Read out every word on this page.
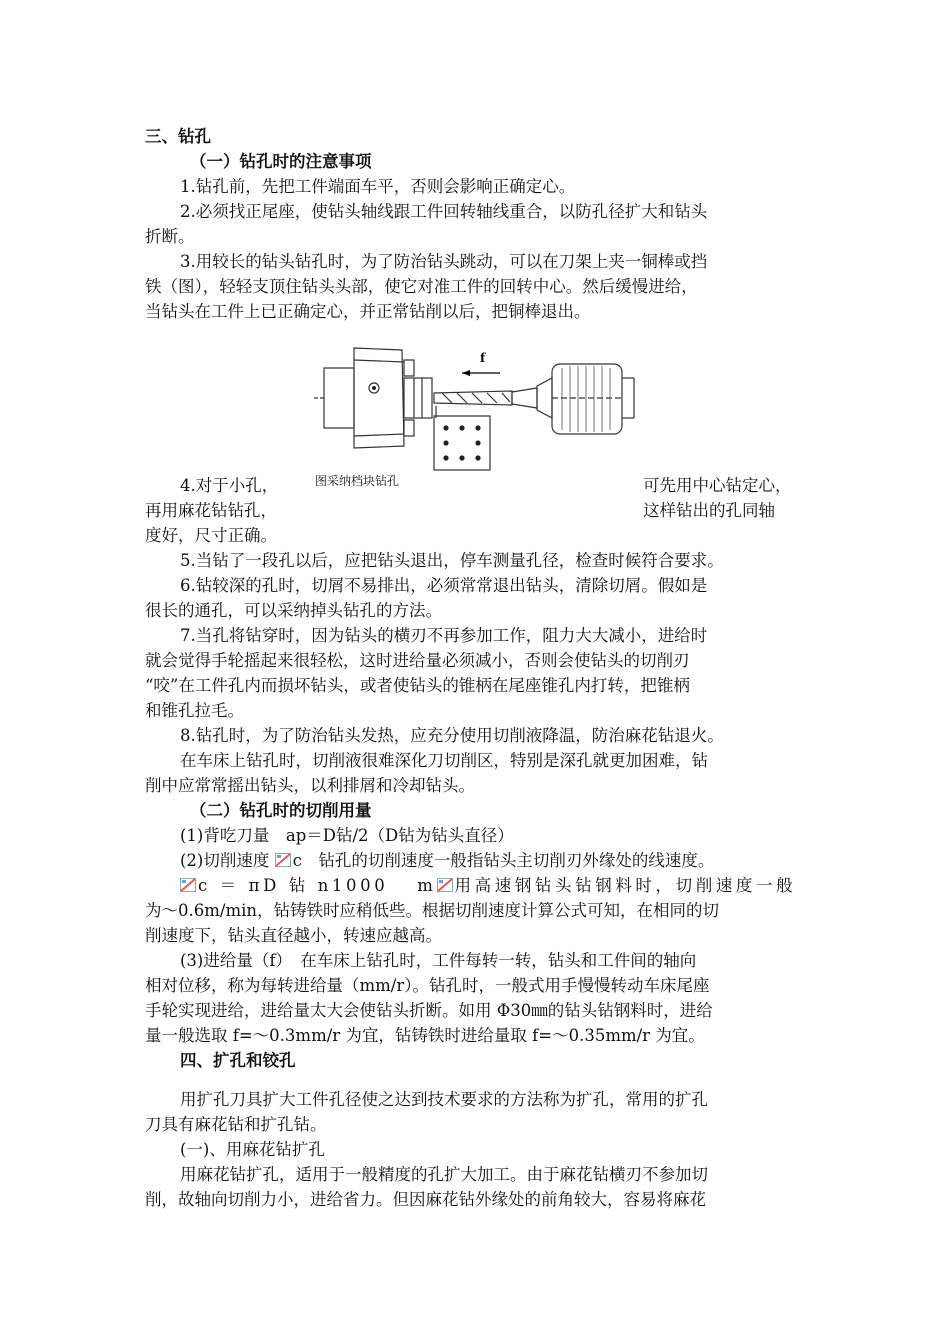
三、钻孔
（一）钻孔时的注意事项
1.钻孔前，先把工件端面车平，否则会影响正确定心。
2.必须找正尾座，使钻头轴线跟工件回转轴线重合，以防孔径扩大和钻头
折断。
3.用较长的钻头钻孔时，为了防治钻头跳动，可以在刀架上夹一铜棒或挡
铁（图），轻轻支顶住钻头头部，使它对准工件的回转中心。然后缓慢进给，
当钻头在工件上已正确定心，并正常钻削以后，把铜棒退出。
f
图采纳档块钻孔
4.对于小孔，	可先用中心钻定心，
再用麻花钻钻孔，	这样钻出的孔同轴
度好，尺寸正确。
5.当钻了一段孔以后，应把钻头退出，停车测量孔径，检查时候符合要求。
6.钻较深的孔时，切屑不易排出，必须常常退出钻头，清除切屑。假如是
很长的通孔，可以采纳掉头钻孔的方法。
7.当孔将钻穿时，因为钻头的横刃不再参加工作，阻力大大减小，进给时
就会觉得手轮摇起来很轻松，这时进给量必须减小，否则会使钻头的切削刃
“咬”在工件孔内而损坏钻头，或者使钻头的锥柄在尾座锥孔内打转，把锥柄
和锥孔拉毛。
8.钻孔时，为了防治钻头发热，应充分使用切削液降温，防治麻花钻退火。
在车床上钻孔时，切削液很难深化刀切削区，特别是深孔就更加困难，钻
削中应常常摇出钻头，以利排屑和冷却钻头。
（二）钻孔时的切削用量
(1)背吃刀量　ap＝D钻/2（D钻为钻头直径）
(2)切削速度 c　钻孔的切削速度一般指钻头主切削刃外缘处的线速度。
c ＝ πD 钻 n1000　 m 用高速钢钻头钻钢料时，切削速度一般
为～0.6m/min，钻铸铁时应稍低些。根据切削速度计算公式可知，在相同的切
削速度下，钻头直径越小，转速应越高。
(3)进给量（f）　在车床上钻孔时，工件每转一转，钻头和工件间的轴向
相对位移，称为每转进给量（mm/r）。钻孔时，一般式用手慢慢转动车床尾座
手轮实现进给，进给量太大会使钻头折断。如用 Φ30㎜的钻头钻钢料时，进给
量一般选取 f=～0.3mm/r 为宜，钻铸铁时进给量取 f=～0.35mm/r 为宜。
四、扩孔和铰孔
用扩孔刀具扩大工件孔径使之达到技术要求的方法称为扩孔，常用的扩孔
刀具有麻花钻和扩孔钻。
(一)、用麻花钻扩孔
用麻花钻扩孔，适用于一般精度的孔扩大加工。由于麻花钻横刃不参加切
削，故轴向切削力小，进给省力。但因麻花钻外缘处的前角较大，容易将麻花
